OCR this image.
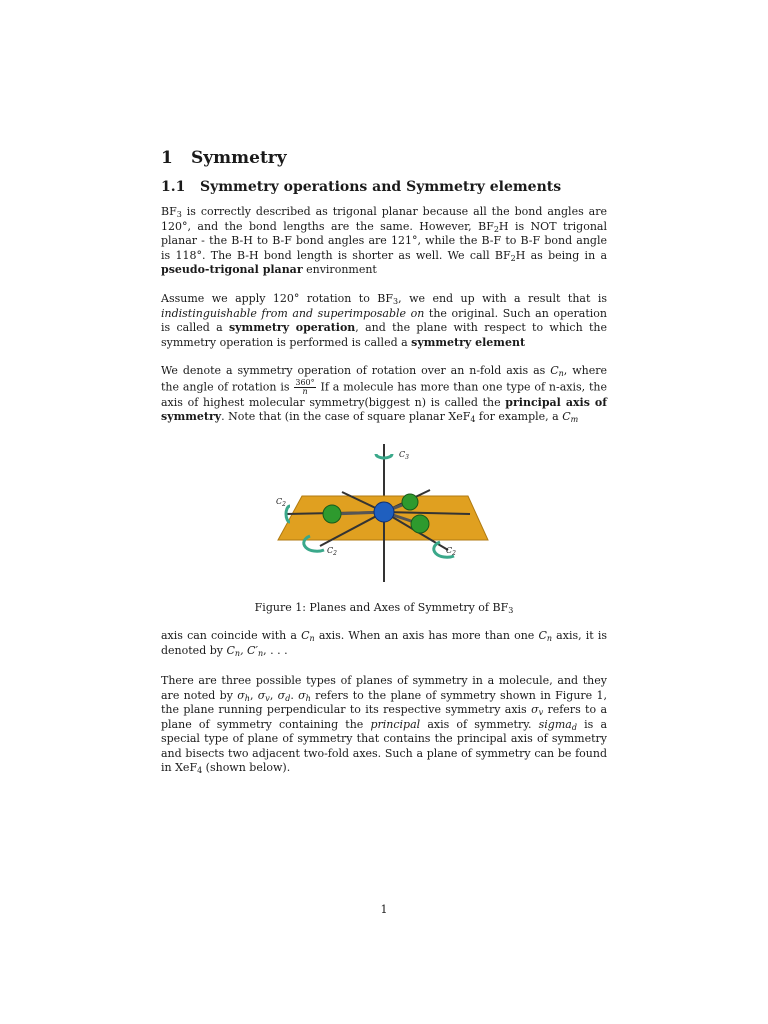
1 Symmetry
1.1 Symmetry operations and Symmetry elements

$BF_3$ is correctly described as trigonal planar because all the bond angles are 120°, and the bond lengths are the same. However, $BF_2H$ is NOT trigonal planar - the B-H to B-F bond angles are 121°, while the B-F to B-F bond angle is 118°. The B-H bond length is shorter as well. We call $BF_2H$ as being in a pseudo-trigonal planar environment

Assume we apply 120° rotation to $BF_3$, we end up with a result that is indistinguishable from and superimposable on the original. Such an operation is called a symmetry operation, and the plane with respect to which the symmetry operation is performed is called a symmetry element

We denote a symmetry operation of rotation over an n-fold axis as $C_n$, where the angle of rotation is $\frac{360^\circ}{n}$ If a molecule has more than one type of n-axis, the axis of highest molecular symmetry(biggest n) is called the principal axis of symmetry. Note that (in the case of square planar XeF$_4$ for example, a $C_m$

$C_3$
$C_2$
$C_2$	$C_2$

Figure 1: Planes and Axes of Symmetry of $BF_3$

axis can coincide with a $C_n$ axis. When an axis has more than one $C_n$ axis, it is denoted by $C_n$, $C'_n$, . . .

There are three possible types of planes of symmetry in a molecule, and they are noted by $\sigma_h$, $\sigma_v$, $\sigma_d$. $\sigma_h$ refers to the plane of symmetry shown in Figure 1, the plane running perpendicular to its respective symmetry axis $\sigma_v$ refers to a plane of symmetry containing the principal axis of symmetry. sigma$_d$ is a special type of plane of symmetry that contains the principal axis of symmetry and bisects two adjacent two-fold axes. Such a plane of symmetry can be found in XeF$_4$ (shown below).

1
